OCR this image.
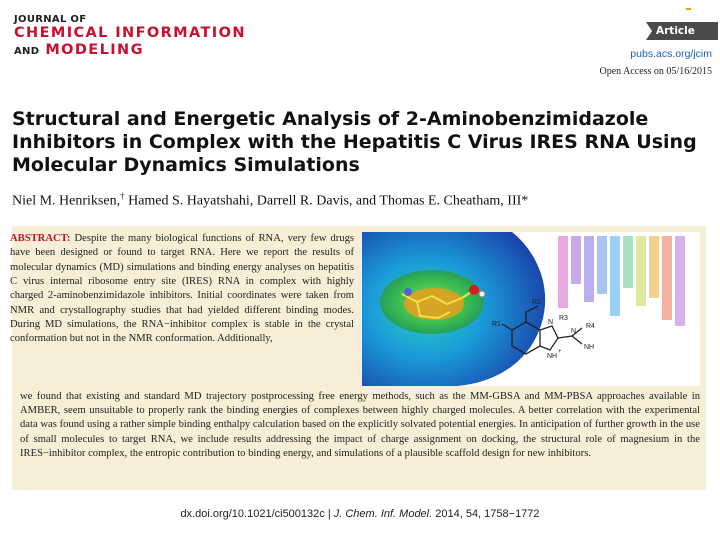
JOURNAL OF
CHEMICAL INFORMATION
AND MODELING
Article
pubs.acs.org/jcim
Open Access on 05/16/2015
Structural and Energetic Analysis of 2-Aminobenzimidazole Inhibitors in Complex with the Hepatitis C Virus IRES RNA Using Molecular Dynamics Simulations
Niel M. Henriksen,† Hamed S. Hayatshahi, Darrell R. Davis, and Thomas E. Cheatham, III*
ABSTRACT: Despite the many biological functions of RNA, very few drugs have been designed or found to target RNA. Here we report the results of molecular dynamics (MD) simulations and binding energy analyses on hepatitis C virus internal ribosome entry site (IRES) RNA in complex with highly charged 2-aminobenzimidazole inhibitors. Initial coordinates were taken from NMR and crystallography studies that had yielded different binding modes. During MD simulations, the RNA−inhibitor complex is stable in the crystal conformation but not in the NMR conformation. Additionally,
R2
R3
R1	R4
N
N
NH
NH
+
we found that existing and standard MD trajectory postprocessing free energy methods, such as the MM-GBSA and MM-PBSA approaches available in AMBER, seem unsuitable to properly rank the binding energies of complexes between highly charged molecules. A better correlation with the experimental data was found using a rather simple binding enthalpy calculation based on the explicitly solvated potential energies. In anticipation of further growth in the use of small molecules to target RNA, we include results addressing the impact of charge assignment on docking, the structural role of magnesium in the IRES−inhibitor complex, the entropic contribution to binding energy, and simulations of a plausible scaffold design for new inhibitors.
dx.doi.org/10.1021/ci500132c | J. Chem. Inf. Model. 2014, 54, 1758−1772
